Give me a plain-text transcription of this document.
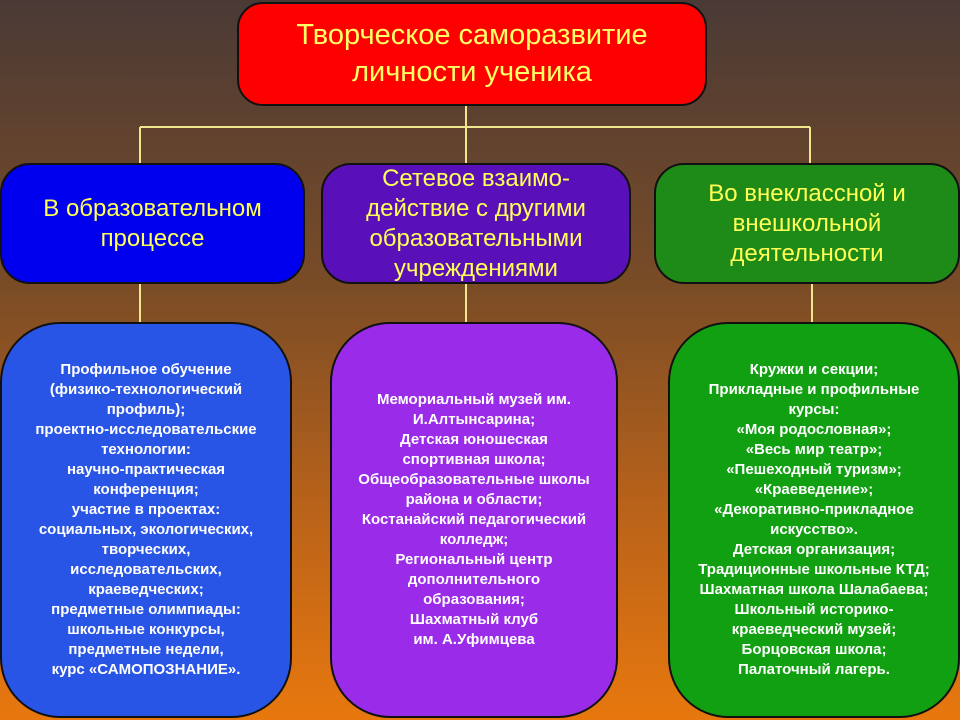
Творческое саморазвитие
личности ученика
В образовательном
процессе
Сетевое взаимо-
действие с другими
образовательными
учреждениями
Во внеклассной и
внешкольной
деятельности
Профильное обучение
(физико-технологический
профиль);
проектно-исследовательские
технологии:
научно-практическая
конференция;
участие в проектах:
социальных, экологических,
творческих,
исследовательских,
краеведческих;
предметные олимпиады:
школьные конкурсы,
предметные недели,
курс «САМОПОЗНАНИЕ».
Мемориальный музей им.
И.Алтынсарина;
Детская юношеская
спортивная школа;
Общеобразовательные школы
района и области;
Костанайский педагогический
колледж;
Региональный центр
дополнительного
образования;
Шахматный клуб
им. А.Уфимцева
Кружки и секции;
Прикладные и профильные
курсы:
«Моя родословная»;
«Весь мир театр»;
«Пешеходный туризм»;
«Краеведение»;
«Декоративно-прикладное
искусство».
Детская организация;
Традиционные школьные КТД;
Шахматная школа Шалабаева;
Школьный историко-
краеведческий музей;
Борцовская школа;
Палаточный лагерь.
